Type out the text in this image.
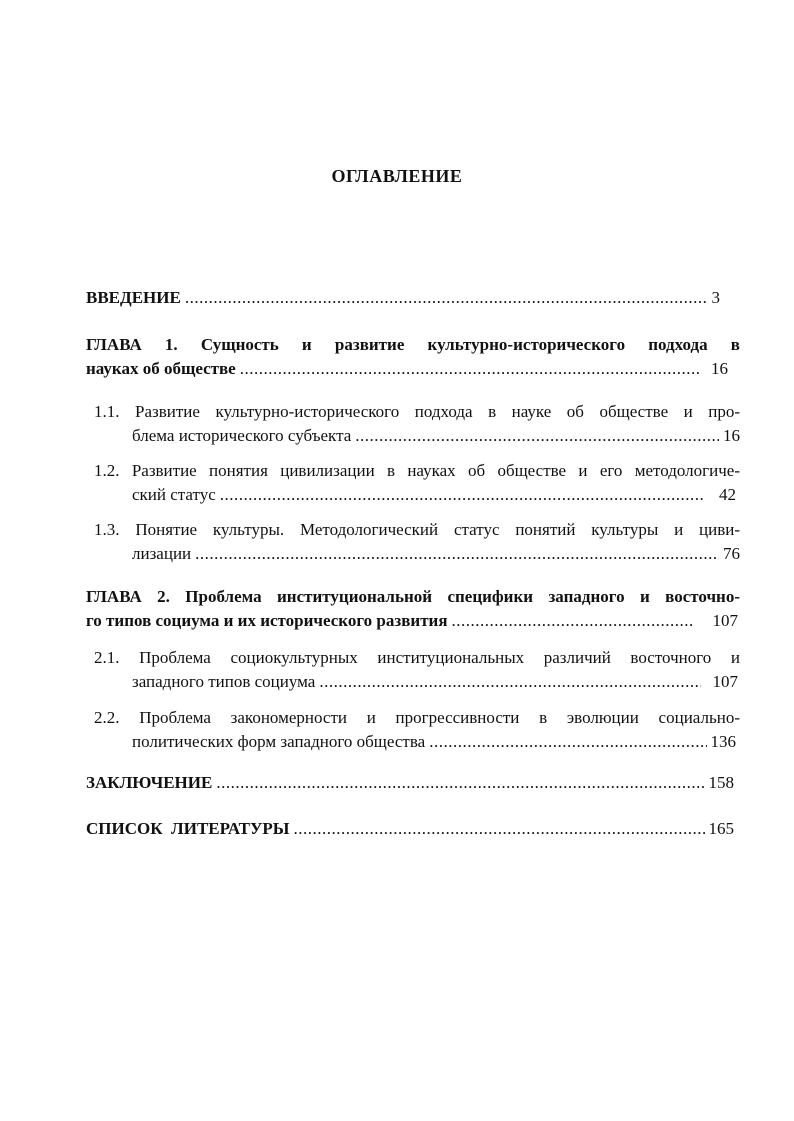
ОГЛАВЛЕНИЕ
ВВЕДЕНИЕ .....	3
ГЛАВА 1. Сущность и развитие культурно-исторического подхода в
науках об обществе .....	16
1.1. Развитие культурно-исторического подхода в науке об обществе и про-
блема исторического субъекта .....	16
1.2. Развитие понятия цивилизации в науках об обществе и его методологиче-
ский статус .....	42
1.3. Понятие культуры. Методологический статус понятий культуры и циви-
лизации .....	76
ГЛАВА 2. Проблема институциональной специфики западного и восточно-
го типов социума и их исторического развития .....	107
2.1. Проблема социокультурных институциональных различий восточного и
западного типов социума .....	107
2.2. Проблема закономерности и прогрессивности в эволюции социально-
политических форм западного общества .....	136
ЗАКЛЮЧЕНИЕ .....	158
СПИСОК  ЛИТЕРАТУРЫ .....	165
